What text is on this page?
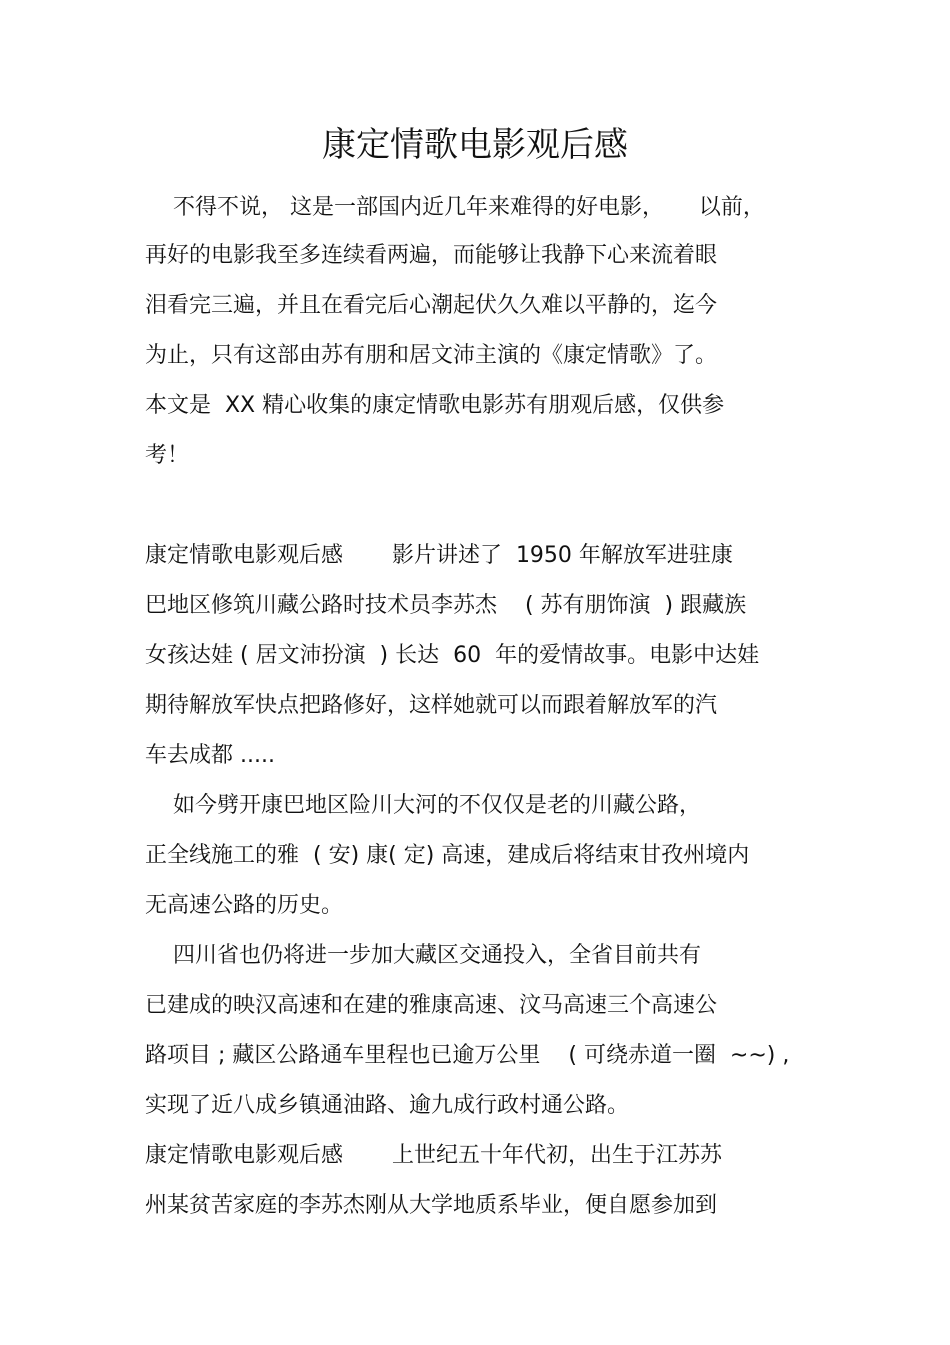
康定情歌电影观后感
不得不说， 这是一部国内近几年来难得的好电影，     以前，
再好的电影我至多连续看两遍，而能够让我静下心来流着眼
泪看完三遍，并且在看完后心潮起伏久久难以平静的，迄今
为止，只有这部由苏有朋和居文沛主演的《康定情歌》了。
本文是  XX 精心收集的康定情歌电影苏有朋观后感，仅供参
考！
康定情歌电影观后感       影片讲述了  1950 年解放军进驻康
巴地区修筑川藏公路时技术员李苏杰    ( 苏有朋饰演  ) 跟藏族
女孩达娃 ( 居文沛扮演  ) 长达  60  年的爱情故事。电影中达娃
期待解放军快点把路修好，这样她就可以而跟着解放军的汽
车去成都 .....
如今劈开康巴地区险川大河的不仅仅是老的川藏公路，
正全线施工的雅  ( 安) 康( 定) 高速，建成后将结束甘孜州境内
无高速公路的历史。
四川省也仍将进一步加大藏区交通投入，全省目前共有
已建成的映汉高速和在建的雅康高速、汶马高速三个高速公
路项目 ; 藏区公路通车里程也已逾万公里    ( 可绕赤道一圈  ~~) ,
实现了近八成乡镇通油路、逾九成行政村通公路。
康定情歌电影观后感       上世纪五十年代初，出生于江苏苏
州某贫苦家庭的李苏杰刚从大学地质系毕业，便自愿参加到
